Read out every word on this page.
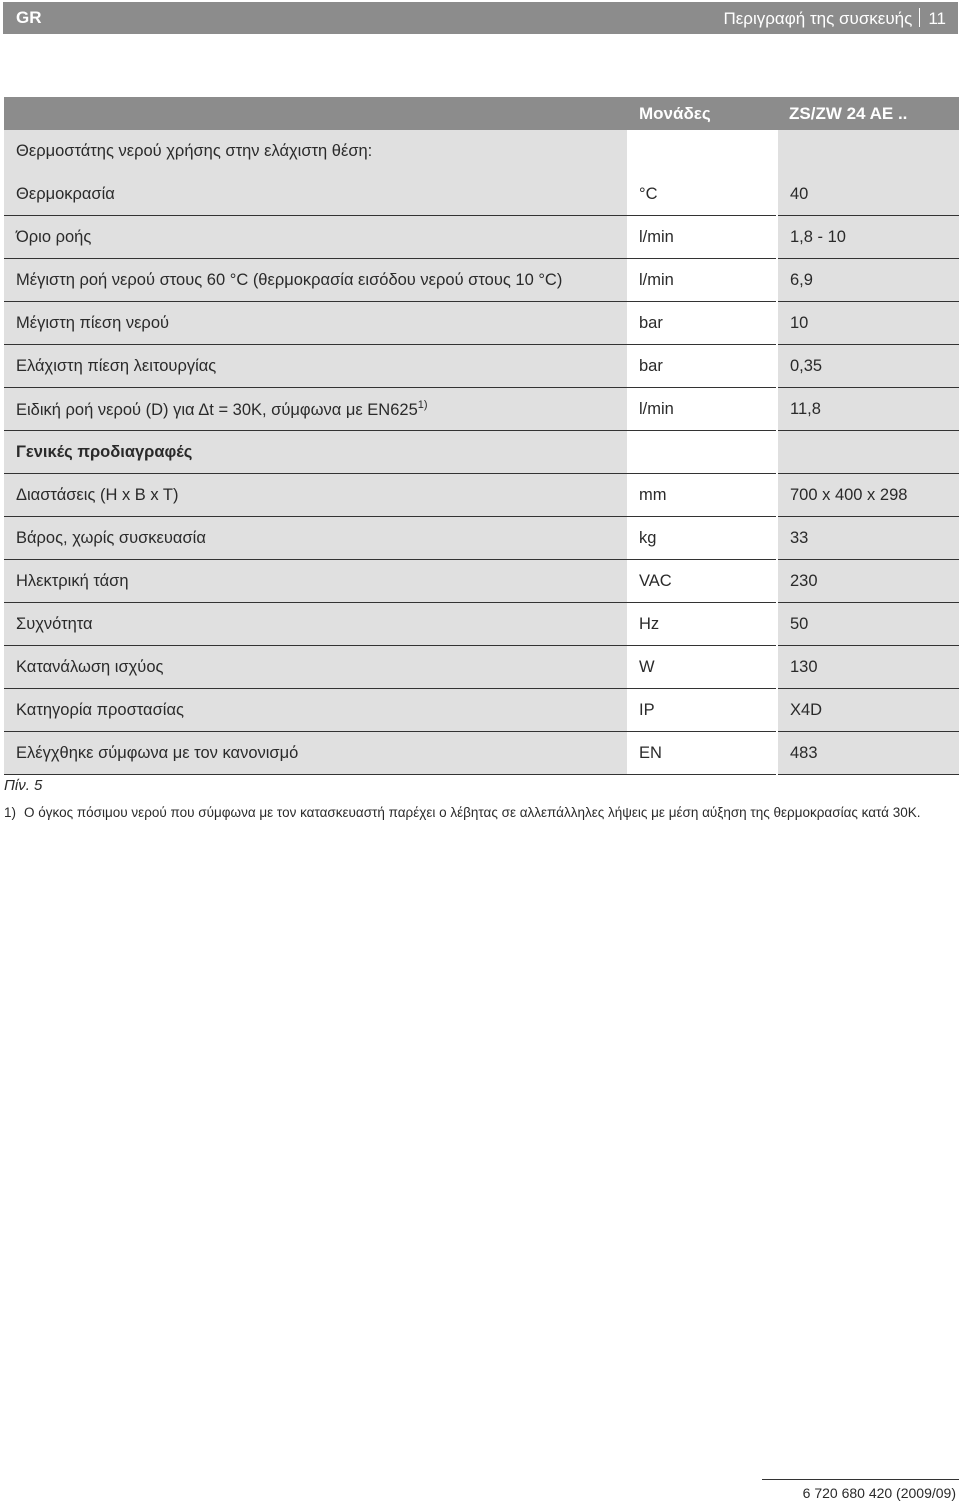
GR	Περιγραφή της συσκευής 11
	Μονάδες	ZS/ZW 24 AE ..
Θερμοστάτης νερού χρήσης στην ελάχιστη θέση:		
Θερμοκρασία	°C	40
Όριο ροής	l/min	1,8 - 10
Μέγιστη ροή νερού στους 60 °C (θερμοκρασία εισόδου νερού στους 10 °C)	l/min	6,9
Μέγιστη πίεση νερού	bar	10
Ελάχιστη πίεση λειτουργίας	bar	0,35
Ειδική ροή νερού (D) για Δt = 30K, σύμφωνα με EN625$^{1)}$	l/min	11,8
Γενικές προδιαγραφές		
Διαστάσεις (H x B x T)	mm	700 x 400 x 298
Βάρος, χωρίς συσκευασία	kg	33
Ηλεκτρική τάση	VAC	230
Συχνότητα	Hz	50
Κατανάλωση ισχύος	W	130
Κατηγορία προστασίας	IP	X4D
Ελέγχθηκε σύμφωνα με τον κανονισμό	EN	483
Πίν. 5
1) Ο όγκος πόσιμου νερού που σύμφωνα με τον κατασκευαστή παρέχει ο λέβητας σε αλλεπάλληλες λήψεις με μέση αύξηση της θερμοκρασίας κατά 30K.
6 720 680 420 (2009/09)
